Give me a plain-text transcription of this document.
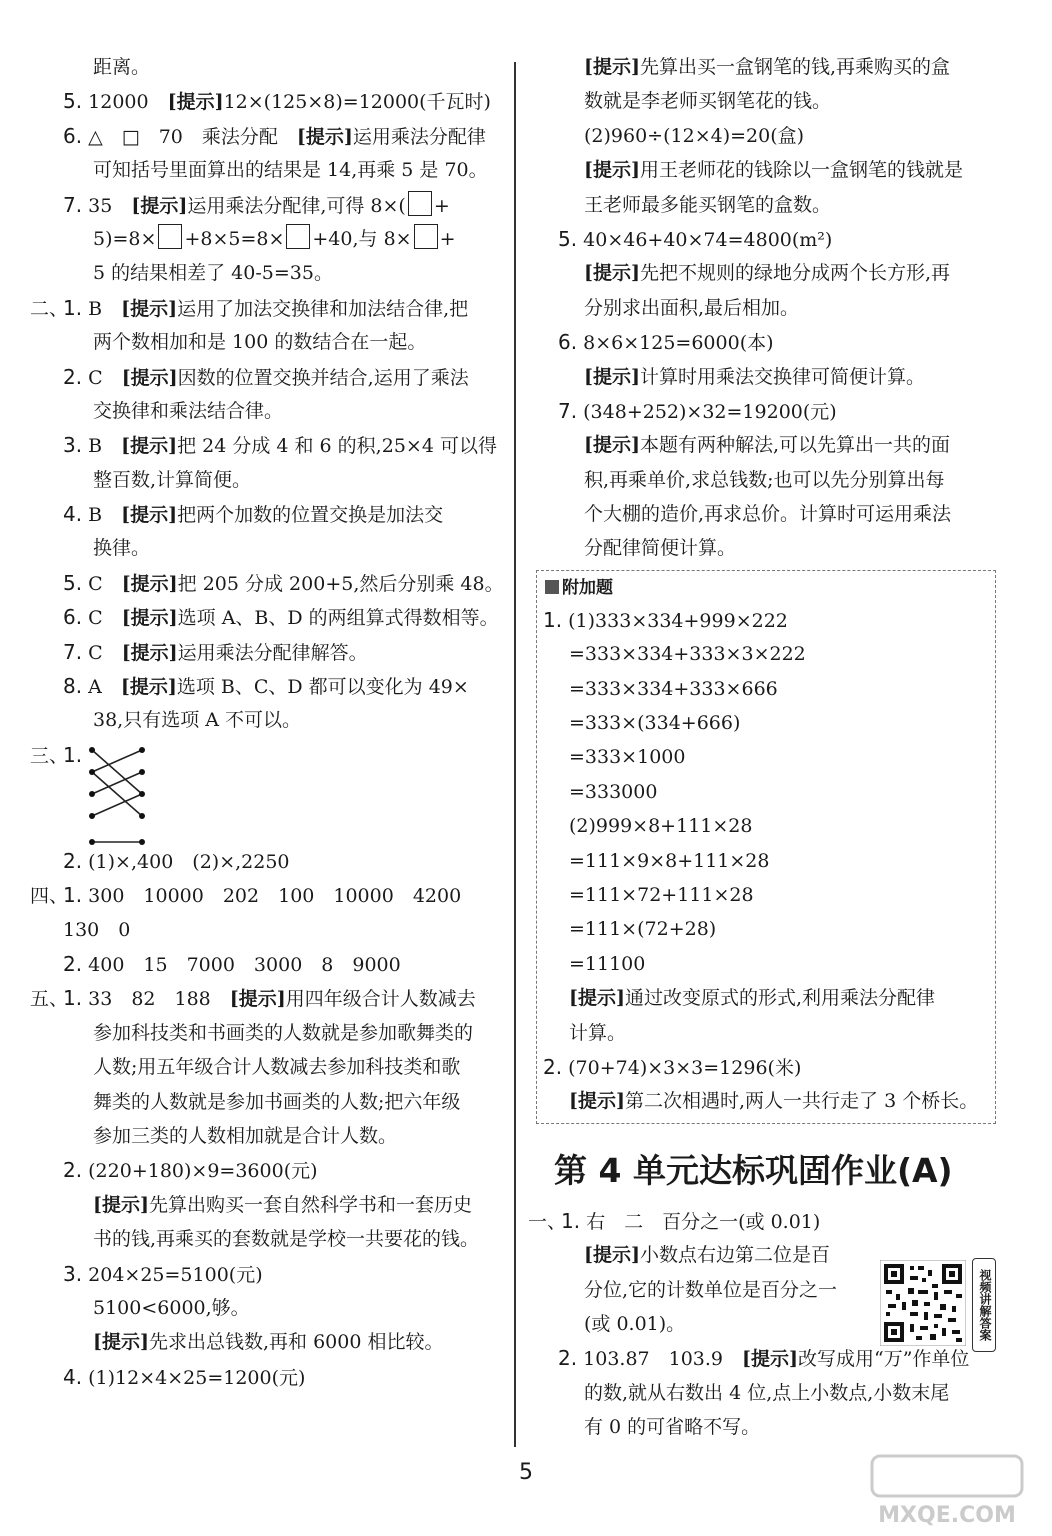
距离。
5. 12000　[提示]12×(125×8)=12000(千瓦时)
6. △　□　70　乘法分配　[提示]运用乘法分配律
可知括号里面算出的结果是 14,再乘 5 是 70。
7. 35　[提示]运用乘法分配律,可得 8×( +
5)=8× +8×5=8× +40,与 8× +
5 的结果相差了 40-5=35。
二、1. B　[提示]运用了加法交换律和加法结合律,把
两个数相加和是 100 的数结合在一起。
2. C　[提示]因数的位置交换并结合,运用了乘法
交换律和乘法结合律。
3. B　[提示]把 24 分成 4 和 6 的积,25×4 可以得
整百数,计算简便。
4. B　[提示]把两个加数的位置交换是加法交
换律。
5. C　[提示]把 205 分成 200+5,然后分别乘 48。
6. C　[提示]选项 A、B、D 的两组算式得数相等。
7. C　[提示]运用乘法分配律解答。
8. A　[提示]选项 B、C、D 都可以变化为 49×
38,只有选项 A 不可以。
三、1.
2. (1)×,400　(2)×,2250
四、1. 300　10000　202　100　10000　4200
130　0
2. 400　15　7000　3000　8　9000
五、1. 33　82　188　[提示]用四年级合计人数减去
参加科技类和书画类的人数就是参加歌舞类的
人数;用五年级合计人数减去参加科技类和歌
舞类的人数就是参加书画类的人数;把六年级
参加三类的人数相加就是合计人数。
2. (220+180)×9=3600(元)
[提示]先算出购买一套自然科学书和一套历史
书的钱,再乘买的套数就是学校一共要花的钱。
3. 204×25=5100(元)
5100<6000,够。
[提示]先求出总钱数,再和 6000 相比较。
4. (1)12×4×25=1200(元)
[提示]先算出买一盒钢笔的钱,再乘购买的盒
数就是李老师买钢笔花的钱。
(2)960÷(12×4)=20(盒)
[提示]用王老师花的钱除以一盒钢笔的钱就是
王老师最多能买钢笔的盒数。
5. 40×46+40×74=4800(m²)
[提示]先把不规则的绿地分成两个长方形,再
分别求出面积,最后相加。
6. 8×6×125=6000(本)
[提示]计算时用乘法交换律可简便计算。
7. (348+252)×32=19200(元)
[提示]本题有两种解法,可以先算出一共的面
积,再乘单价,求总钱数;也可以先分别算出每
个大棚的造价,再求总价。计算时可运用乘法
分配律简便计算。
附加题
1. (1)333×334+999×222
=333×334+333×3×222
=333×334+333×666
=333×(334+666)
=333×1000
=333000
(2)999×8+111×28
=111×9×8+111×28
=111×72+111×28
=111×(72+28)
=11100
[提示]通过改变原式的形式,利用乘法分配律
计算。
2. (70+74)×3×3=1296(米)
[提示]第二次相遇时,两人一共行走了 3 个桥长。
第 4 单元达标巩固作业(A)
一、1. 右　二　百分之一(或 0.01)
[提示]小数点右边第二位是百
分位,它的计数单位是百分之一
(或 0.01)。
2. 103.87　103.9　[提示]改写成用“万”作单位
的数,就从右数出 4 位,点上小数点,小数末尾
有 0 的可省略不写。
视频讲解答案
5
MXQE.COM
